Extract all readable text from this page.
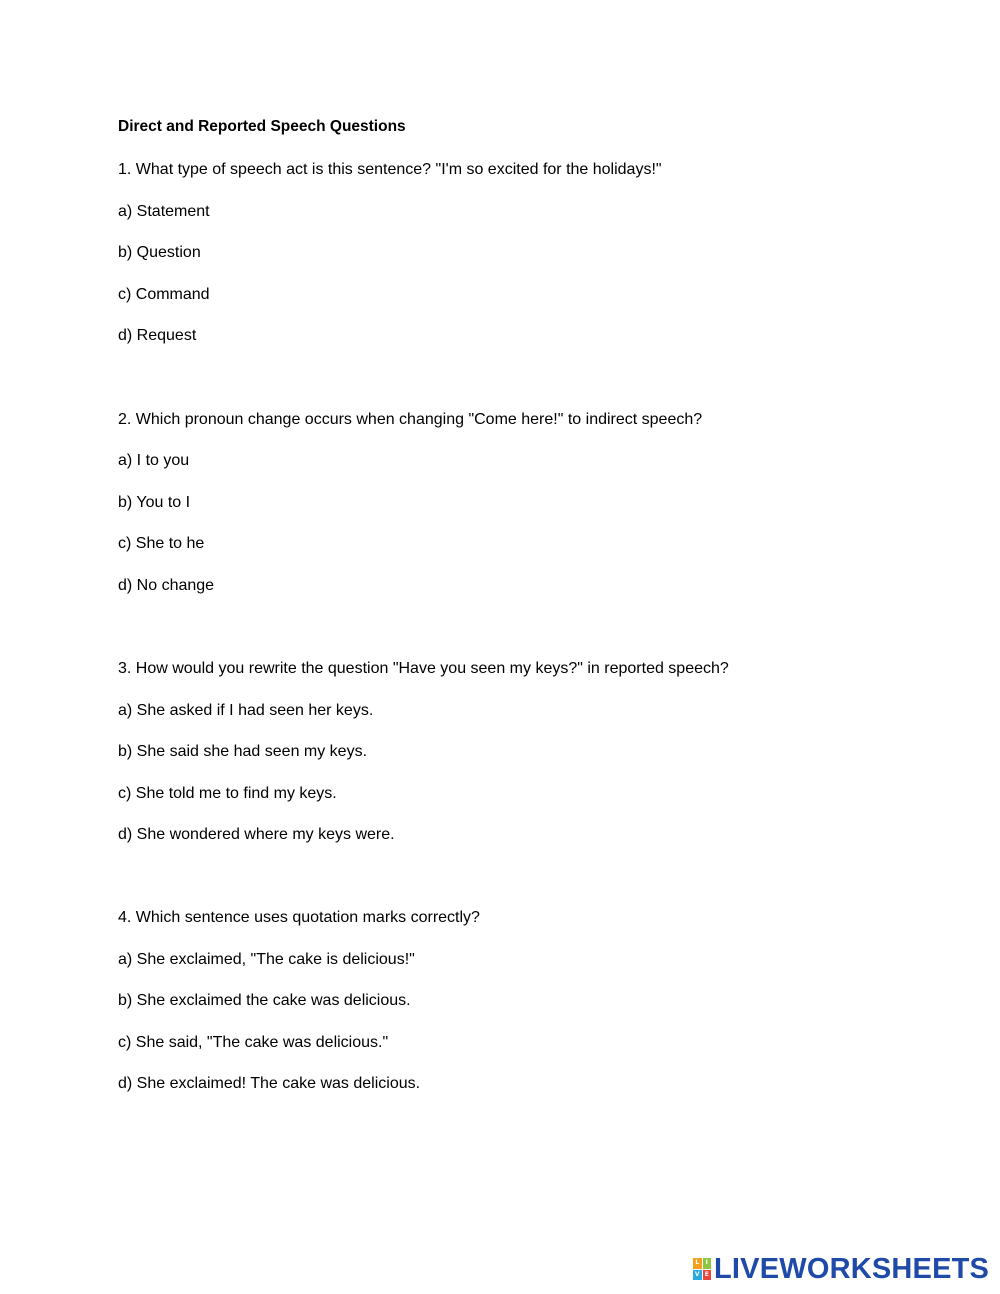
Direct and Reported Speech Questions
1. What type of speech act is this sentence? "I'm so excited for the holidays!"
a) Statement
b) Question
c) Command
d) Request
2. Which pronoun change occurs when changing "Come here!" to indirect speech?
a) I to you
b) You to I
c) She to he
d) No change
3. How would you rewrite the question "Have you seen my keys?" in reported speech?
a) She asked if I had seen her keys.
b) She said she had seen my keys.
c) She told me to find my keys.
d) She wondered where my keys were.
4. Which sentence uses quotation marks correctly?
a) She exclaimed, "The cake is delicious!"
b) She exclaimed the cake was delicious.
c) She said, "The cake was delicious."
d) She exclaimed! The cake was delicious.
L	I
V E LIVEWORKSHEETS
